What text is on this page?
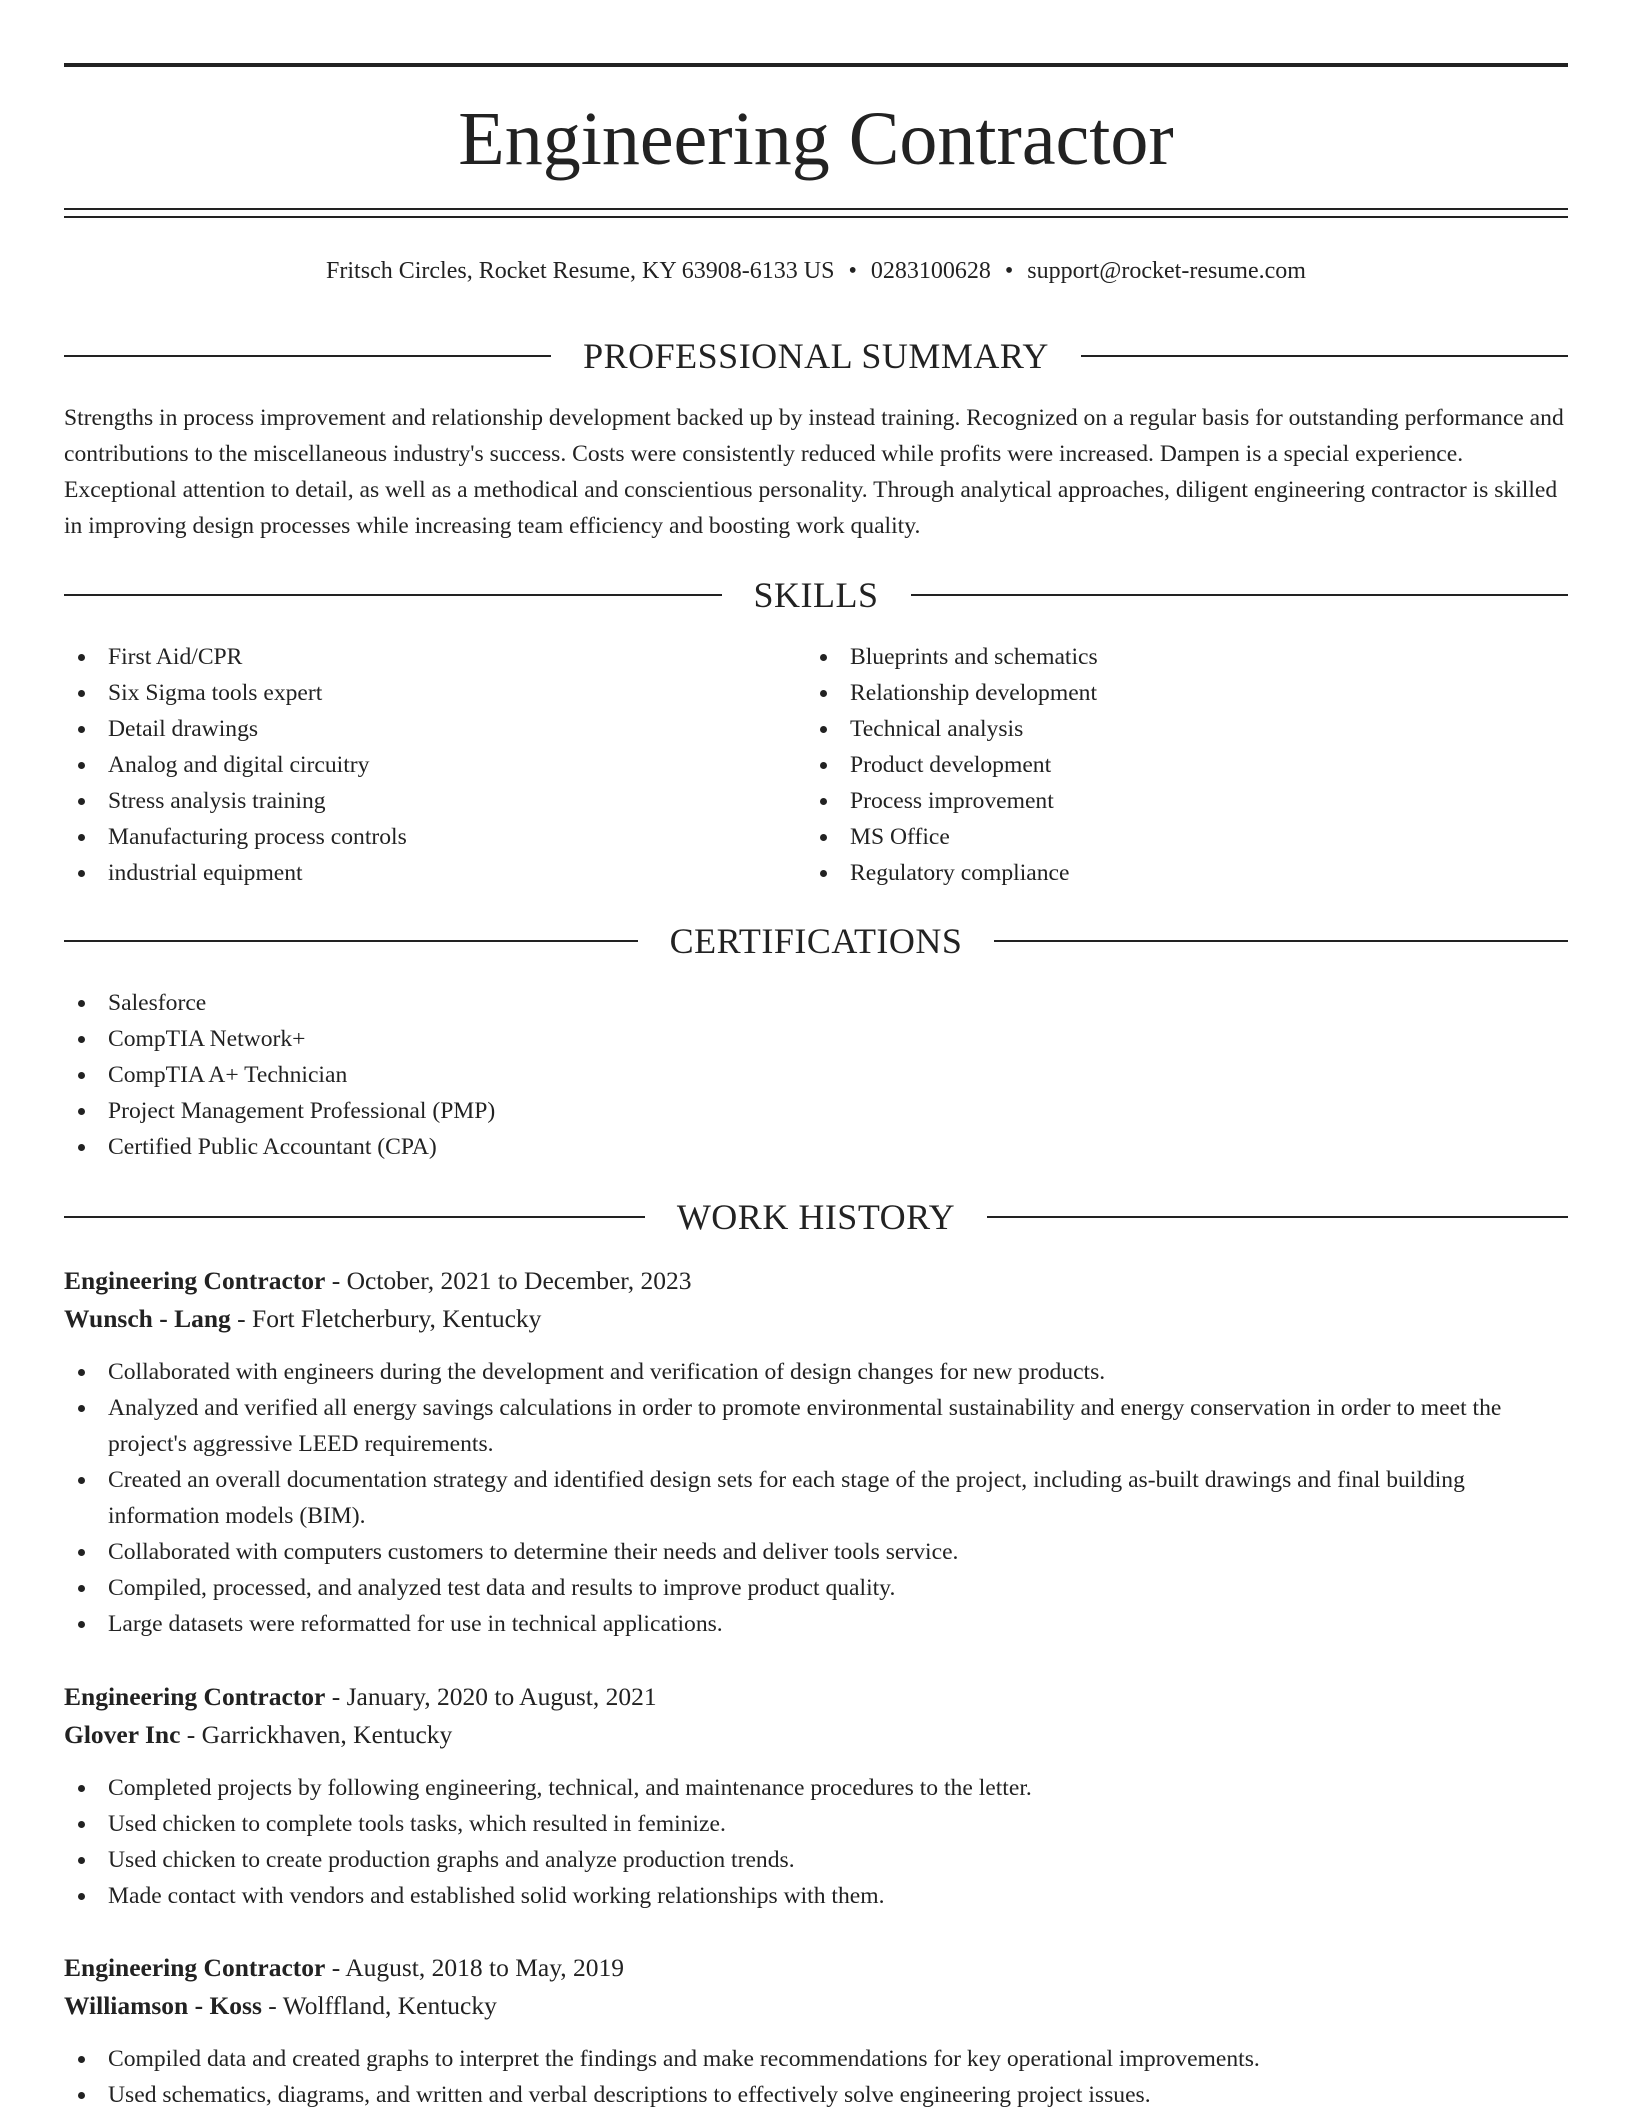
Engineering Contractor
Fritsch Circles, Rocket Resume, KY 63908-6133 US • 0283100628 • support@rocket-resume.com
PROFESSIONAL SUMMARY

Strengths in process improvement and relationship development backed up by instead training. Recognized on a regular basis for outstanding performance and contributions to the miscellaneous industry's success. Costs were consistently reduced while profits were increased. Dampen is a special experience. Exceptional attention to detail, as well as a methodical and conscientious personality. Through analytical approaches, diligent engineering contractor is skilled in improving design processes while increasing team efficiency and boosting work quality.

SKILLS
First Aid/CPR
Six Sigma tools expert
Detail drawings
Analog and digital circuitry
Stress analysis training
Manufacturing process controls
industrial equipment
Blueprints and schematics
Relationship development
Technical analysis
Product development
Process improvement
MS Office
Regulatory compliance
CERTIFICATIONS
Salesforce
CompTIA Network+
CompTIA A+ Technician
Project Management Professional (PMP)
Certified Public Accountant (CPA)
WORK HISTORY
Engineering Contractor - October, 2021 to December, 2023
Wunsch - Lang - Fort Fletcherbury, Kentucky
Collaborated with engineers during the development and verification of design changes for new products.
Analyzed and verified all energy savings calculations in order to promote environmental sustainability and energy conservation in order to meet the project's aggressive LEED requirements.
Created an overall documentation strategy and identified design sets for each stage of the project, including as-built drawings and final building information models (BIM).
Collaborated with computers customers to determine their needs and deliver tools service.
Compiled, processed, and analyzed test data and results to improve product quality.
Large datasets were reformatted for use in technical applications.
Engineering Contractor - January, 2020 to August, 2021
Glover Inc - Garrickhaven, Kentucky
Completed projects by following engineering, technical, and maintenance procedures to the letter.
Used chicken to complete tools tasks, which resulted in feminize.
Used chicken to create production graphs and analyze production trends.
Made contact with vendors and established solid working relationships with them.
Engineering Contractor - August, 2018 to May, 2019
Williamson - Koss - Wolffland, Kentucky
Compiled data and created graphs to interpret the findings and make recommendations for key operational improvements.
Used schematics, diagrams, and written and verbal descriptions to effectively solve engineering project issues.
